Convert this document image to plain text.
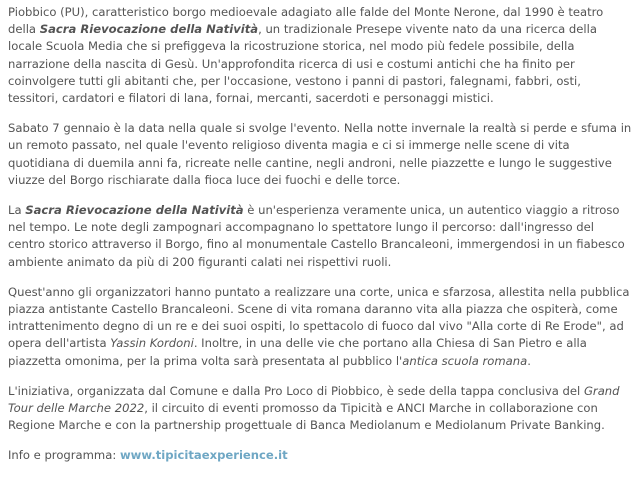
Piobbico (PU), caratteristico borgo medioevale adagiato alle falde del Monte Nerone, dal 1990 è teatro della Sacra Rievocazione della Natività, un tradizionale Presepe vivente nato da una ricerca della locale Scuola Media che si prefiggeva la ricostruzione storica, nel modo più fedele possibile, della narrazione della nascita di Gesù. Un'approfondita ricerca di usi e costumi antichi che ha finito per coinvolgere tutti gli abitanti che, per l'occasione, vestono i panni di pastori, falegnami, fabbri, osti, tessitori, cardatori e filatori di lana, fornai, mercanti, sacerdoti e personaggi mistici.

Sabato 7 gennaio è la data nella quale si svolge l'evento. Nella notte invernale la realtà si perde e sfuma in un remoto passato, nel quale l'evento religioso diventa magia e ci si immerge nelle scene di vita quotidiana di duemila anni fa, ricreate nelle cantine, negli androni, nelle piazzette e lungo le suggestive viuzze del Borgo rischiarate dalla fioca luce dei fuochi e delle torce.

La Sacra Rievocazione della Natività è un'esperienza veramente unica, un autentico viaggio a ritroso nel tempo. Le note degli zampognari accompagnano lo spettatore lungo il percorso: dall'ingresso del centro storico attraverso il Borgo, fino al monumentale Castello Brancaleoni, immergendosi in un fiabesco ambiente animato da più di 200 figuranti calati nei rispettivi ruoli.

Quest'anno gli organizzatori hanno puntato a realizzare una corte, unica e sfarzosa, allestita nella pubblica piazza antistante Castello Brancaleoni. Scene di vita romana daranno vita alla piazza che ospiterà, come intrattenimento degno di un re e dei suoi ospiti, lo spettacolo di fuoco dal vivo "Alla corte di Re Erode", ad opera dell'artista Yassin Kordoni. Inoltre, in una delle vie che portano alla Chiesa di San Pietro e alla piazzetta omonima, per la prima volta sarà presentata al pubblico l'antica scuola romana.

L'iniziativa, organizzata dal Comune e dalla Pro Loco di Piobbico, è sede della tappa conclusiva del Grand Tour delle Marche 2022, il circuito di eventi promosso da Tipicità e ANCI Marche in collaborazione con Regione Marche e con la partnership progettuale di Banca Mediolanum e Mediolanum Private Banking.

Info e programma: www.tipicitaexperience.it
